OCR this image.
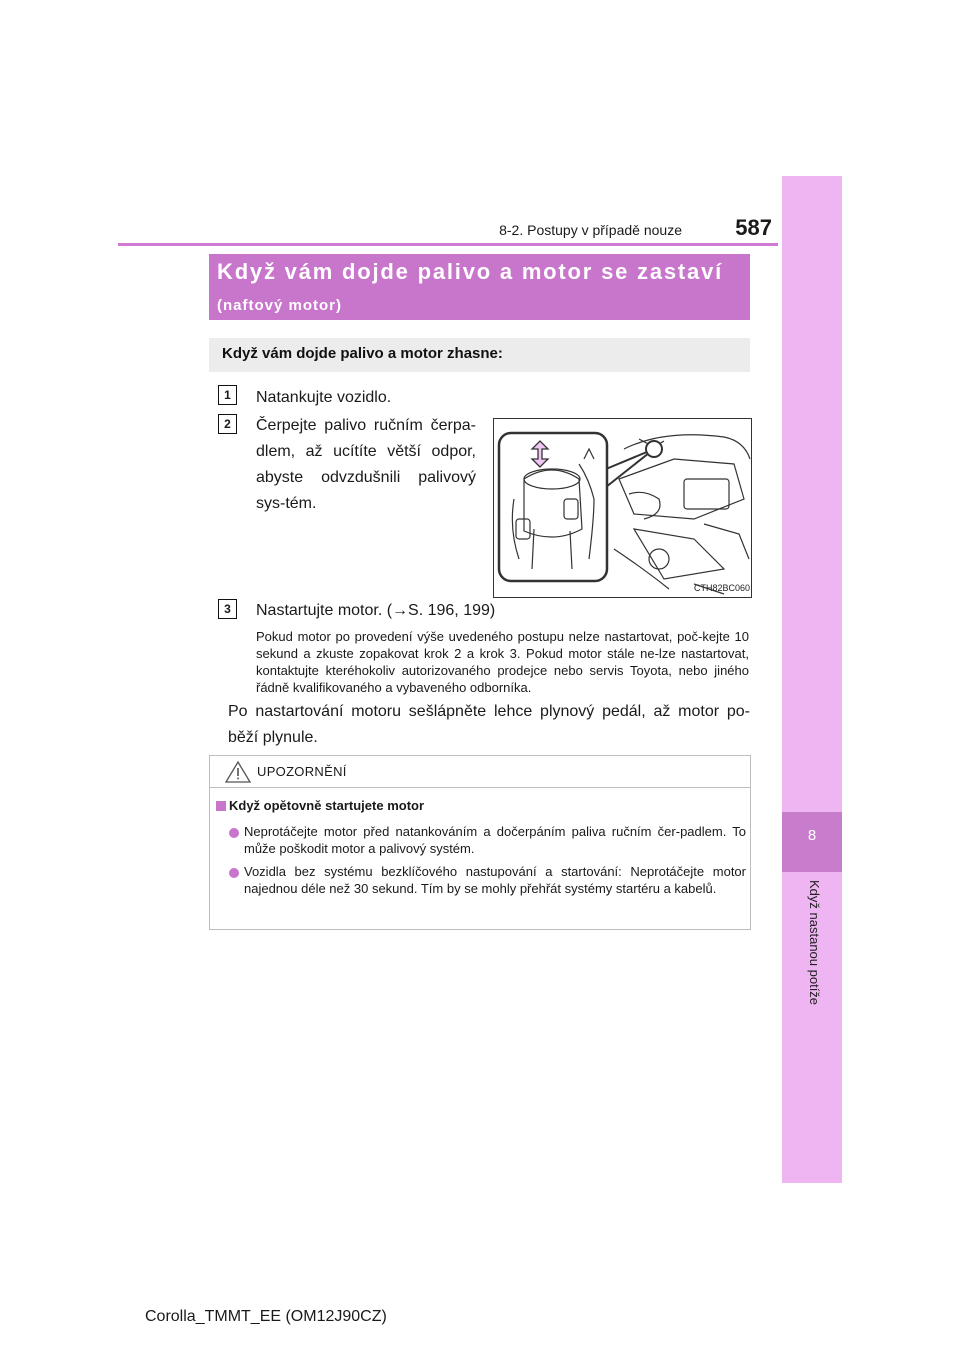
587
8-2. Postupy v případě nouze
8
Když nastanou potíže
Když vám dojde palivo a motor se zastaví
(naftový motor)
Když vám dojde palivo a motor zhasne:
1	Natankujte vozidlo.
2	Čerpejte palivo ručním čerpa-dlem, až ucítíte větší odpor, abyste odvzdušnili palivový sys-tém.
CTH82BC060
3	Nastartujte motor. (→S. 196, 199)
Pokud motor po provedení výše uvedeného postupu nelze nastartovat, poč-kejte 10 sekund a zkuste zopakovat krok 2 a krok 3. Pokud motor stále ne-lze nastartovat, kontaktujte kteréhokoliv autorizovaného prodejce nebo servis Toyota, nebo jiného řádně kvalifikovaného a vybaveného odborníka.
Po nastartování motoru sešlápněte lehce plynový pedál, až motor po-běží plynule.
UPOZORNĚNÍ
Když opětovně startujete motor
Neprotáčejte motor před natankováním a dočerpáním paliva ručním čer-padlem. To může poškodit motor a palivový systém.
Vozidla bez systému bezklíčového nastupování a startování: Neprotáčejte motor najednou déle než 30 sekund. Tím by se mohly přehřát systémy startéru a kabelů.
Corolla_TMMT_EE (OM12J90CZ)
